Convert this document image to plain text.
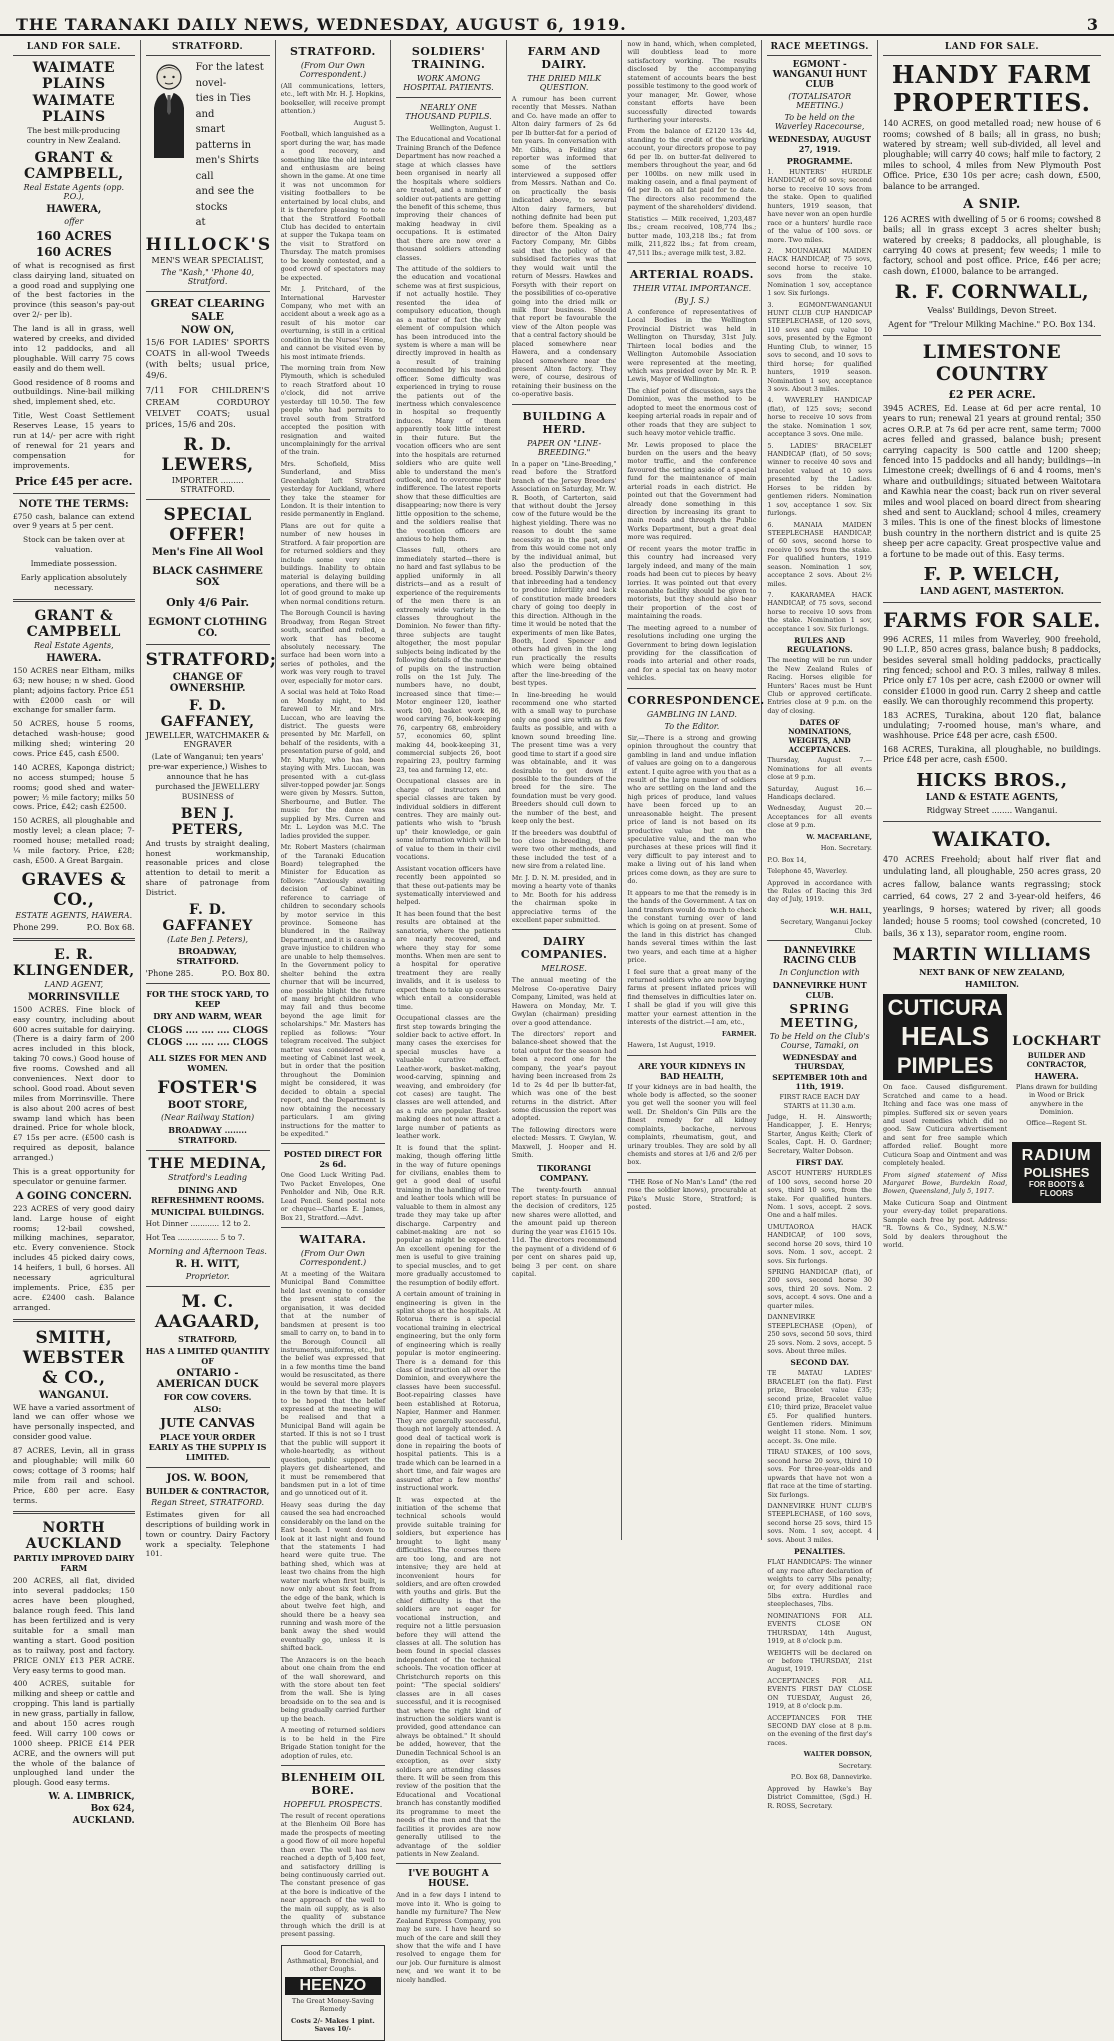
THE TARANAKI DAILY NEWS, WEDNESDAY, AUGUST 6, 1919.	3
LAND FOR SALE.
WAIMATE PLAINS
WAIMATE PLAINS
The best milk-producing country in New Zealand.
GRANT & CAMPBELL,
Real Estate Agents (opp. P.O.),
HAWERA,
offer
160 ACRES
160 ACRES
of what is recognised as first class dairying land, situated on a good road and supplying one of the best factories in the province (this season's pay-out over 2/- per lb).
The land is all in grass, well watered by creeks, and divided into 12 paddocks, and all ploughable. Will carry 75 cows easily and do them well.
Good residence of 8 rooms and outbuildings. Nine-bail milking shed, implement shed, etc.
Title, West Coast Settlement Reserves Lease, 15 years to run at 14/- per acre with right of renewal for 21 years and compensation for improvements.
Price £45 per acre.
NOTE THE TERMS:
£750 cash, balance can extend over 9 years at 5 per cent.
Stock can be taken over at valuation.
Immediate possession.
Early application absolutely necessary.
GRANT & CAMPBELL
Real Estate Agents,
HAWERA.
150 ACRES near Eltham, milks 63; new house; n w shed. Good plant; adjoins factory. Price £51 with £2000 cash or will exchange for smaller farm.
50 ACRES, house 5 rooms, detached wash-house; good milking shed; wintering 20 cows. Price £45, cash £500.
140 ACRES, Kaponga district; no access stumped; house 5 rooms; good shed and water-power; ½ mile factory; milks 50 cows. Price, £42; cash £2500.
150 ACRES, all ploughable and mostly level; a clean place; 7-roomed house; metalled road; ¼ mile factory. Price, £28; cash, £500. A Great Bargain.
GRAVES & CO.,
ESTATE AGENTS, HAWERA.
Phone 299.	P.O. Box 68.
E. R. KLINGENDER,
LAND AGENT,
MORRINSVILLE
1500 ACRES. Fine block of easy country, including about 600 acres suitable for dairying. (There is a dairy farm of 200 acres included in this block, taking 70 cows.) Good house of five rooms. Cowshed and all conveniences. Next door to school. Good road. About seven miles from Morrinsville. There is also about 200 acres of best swamp land which has been drained. Price for whole block, £7 15s per acre. (£500 cash is required as deposit, balance arranged.)
This is a great opportunity for speculator or genuine farmer.
A GOING CONCERN.
223 ACRES of very good dairy land. Large house of eight rooms; 12-bail cowshed, milking machines, separator, etc. Every convenience. Stock includes 45 picked dairy cows, 14 heifers, 1 bull, 6 horses. All necessary agricultural implements. Price, £35 per acre. £2400 cash. Balance arranged.
SMITH, WEBSTER & CO.,
WANGANUI.
WE have a varied assortment of land we can offer whose we have personally inspected, and consider good value.
87 ACRES, Levin, all in grass and ploughable; will milk 60 cows; cottage of 3 rooms; half mile from rail and school. Price, £80 per acre. Easy terms.
NORTH AUCKLAND
PARTLY IMPROVED DAIRY FARM
200 ACRES, all flat, divided into several paddocks; 150 acres have been ploughed, balance rough feed. This land has been fertilized and is very suitable for a small man wanting a start. Good position as to railway, post and factory. PRICE ONLY £13 PER ACRE. Very easy terms to good man.
400 ACRES, suitable for milking and sheep or cattle and cropping. This land is partially in new grass, partially in fallow, and about 150 acres rough feed. Will carry 100 cows or 1000 sheep. PRICE £14 PER ACRE, and the owners will put the whole of the balance of unploughed land under the plough. Good easy terms.
W. A. LIMBRICK,
Box 624,
AUCKLAND.
STRATFORD.
For the latest novel-
ties in Ties and
smart patterns in
men's Shirts call
and see the stocks
at
HILLOCK'S
MEN'S WEAR SPECIALIST,
The "Kash," 'Phone 40, Stratford.
GREAT CLEARING SALE
NOW ON,
15/6 FOR LADIES' SPORTS COATS in all-wool Tweeds (with belts; usual price, 49/6.
7/11 FOR CHILDREN'S CREAM CORDUROY VELVET COATS; usual prices, 15/6 and 20s.
R. D. LEWERS,
IMPORTER ......... STRATFORD.
SPECIAL OFFER!
Men's Fine All Wool
BLACK CASHMERE SOX
Only 4/6 Pair.
EGMONT CLOTHING CO.
STRATFORD;
CHANGE OF OWNERSHIP.
F. D. GAFFANEY,
JEWELLER, WATCHMAKER & ENGRAVER
(Late of Wanganui; ten years' pre-war experience,) Wishes to announce that he has purchased the JEWELLERY BUSINESS of
BEN J. PETERS,
And trusts by straight dealing, honest workmanship, reasonable prices and close attention to detail to merit a share of patronage from District.
F. D. GAFFANEY
(Late Ben J. Peters),
BROADWAY, STRATFORD.
'Phone 285.	P.O. Box 80.
FOR THE STOCK YARD, TO KEEP
DRY AND WARM, WEAR
CLOGS .... .... .... CLOGS
CLOGS .... .... .... CLOGS
ALL SIZES FOR MEN AND WOMEN.
FOSTER'S
BOOT STORE,
(Near Railway Station)
BROADWAY ........ STRATFORD.
THE MEDINA,
Stratford's Leading
DINING AND REFRESHMENT ROOMS.
MUNICIPAL BUILDINGS.
Hot Dinner ............ 12 to 2.
Hot Tea ................. 5 to 7.
Morning and Afternoon Teas.
R. H. WITT,
Proprietor.
M. C. AAGAARD,
STRATFORD,
HAS A LIMITED QUANTITY OF
ONTARIO - AMERICAN DUCK
FOR COW COVERS.
ALSO:
JUTE CANVAS
PLACE YOUR ORDER EARLY AS THE SUPPLY IS LIMITED.
JOS. W. BOON,
BUILDER & CONTRACTOR,
Regan Street, STRATFORD.
Estimates given for all descriptions of building work in town or country. Dairy Factory work a specialty. Telephone 101.
STRATFORD.
(From Our Own Correspondent.)
(All communications, letters, etc., left with Mr. H. J. Hopkins, bookseller, will receive prompt attention.)
August 5.
Football, which languished as a sport during the war, has made a good recovery, and something like the old interest and enthusiasm are being shown in the game. At one time it was not uncommon for visiting footballers to be entertained by local clubs, and it is therefore pleasing to note that the Stratford Football Club has decided to entertain at supper the Tukapa team on the visit to Stratford on Thursday. The match promises to be keenly contested, and a good crowd of spectators may be expected.
Mr. J. Pritchard, of the International Harvester Company, who met with an accident about a week ago as a result of his motor car overturning, is still in a critical condition in the Nurses' Home, and cannot be visited even by his most intimate friends.
The morning train from New Plymouth, which is scheduled to reach Stratford about 10 o'clock, did not arrive yesterday till 10.50. The few people who had permits to travel south from Stratford accepted the position with resignation and waited uncomplainingly for the arrival of the train.
Mrs. Schofield, Miss Sunderland, and Miss Greenhalgh left Stratford yesterday for Auckland, where they take the steamer for London. It is their intention to reside permanently in England.
Plans are out for quite a number of new houses in Stratford. A fair proportion are for returned soldiers and they include some very nice buildings. Inability to obtain material is delaying building operations, and there will be a lot of good ground to make up when normal conditions return.
The Borough Council is having Broadway, from Regan Street south, scarified and rolled, a work that has become absolutely necessary. The surface had been worn into a series of potholes, and the work was very rough to travel over, especially for motor cars.
A social was held at Toko Road on Monday night, to bid farewell to Mr. and Mrs. Luccan, who are leaving the district. The guests were presented by Mr. Marfell, on behalf of the residents, with a presentation purse of gold, and Mr. Murphy, who has been staying with Mrs. Luccan, was presented with a cut-glass silver-topped powder jar. Songs were given by Messrs. Sutton, Sherbourne, and Butler. The music for the dance was supplied by Mrs. Curren and Mr. L. Leydon was M.C. The ladies provided the supper.
Mr. Robert Masters (chairman of the Taranaki Education Board) telegraphed the Minister for Education as follows: "Anxiously awaiting decision of Cabinet in reference to carriage of children to secondary schools by motor service in this province. Someone has blundered in the Railway Department, and it is causing a grave injustice to children who are unable to help themselves. In the Government policy to shelter behind the extra churner that will be incurred, one possible blight the future of many bright children who may fail and thus become beyond the age limit for scholarships." Mr. Masters has replied as follows: "Your telegram received. The subject matter was considered at a meeting of Cabinet last week, but in order that the position throughout the Dominion might be considered, it was decided to obtain a special report, and the Department is now obtaining the necessary particulars. I am giving instructions for the matter to be expedited."
POSTED DIRECT FOR 2s 6d.
One Good Luck Writing Pad. Two Packet Envelopes, One Penholder and Nib, One R.R. Lead Pencil. Send postal note or cheque—Charles E. James, Box 21, Stratford.—Advt.
WAITARA.
(From Our Own Correspondent.)
At a meeting of the Waitara Municipal Band Committee held last evening to consider the present state of the organisation, it was decided that at the number of bandsmen at present is too small to carry on, to band in to the Borough Council all instruments, uniforms, etc., but the belief was expressed that in a few months time the band would be resuscitated, as there would be several more players in the town by that time. It is to be hoped that the belief expressed at the meeting will be realised and that a Municipal Band will again be started. If this is not so I trust that the public will support it whole-heartedly, as without question, public support the players get disheartened, and it must be remembered that bandsmen put in a lot of time and go unnoticed out of it.
Heavy seas during the day caused the sea had encroached considerably on the land on the East beach. I went down to look at it last night and found that the statements I had heard were quite true. The bathing shed, which was at least two chains from the high water mark when first built, is now only about six feet from the edge of the bank, which is about twelve feet high, and should there be a heavy sea running and wash more of the bank away the shed would eventually go, unless it is shifted back.
The Anzacers is on the beach about one chain from the end of the wall shoreward, and with the store about ten feet from the wall. She is lying broadside on to the sea and is being gradually carried further up the beach.
A meeting of returned soldiers is to be held in the Fire Brigade Station tonight for the adoption of rules, etc.
BLENHEIM OIL BORE.
HOPEFUL PROSPECTS.
The result of recent operations at the Blenheim Oil Bore has made the prospects of meeting a good flow of oil more hopeful than ever. The well has now reached a depth of 5,400 feet, and satisfactory drilling is being continuously carried out. The constant presence of gas at the bore is indicative of the near approach of the well to the main oil supply, as is also the quality of substance through which the drill is at present passing.
Good for Catarrh, Asthmatical, Bronchial, and other Coughs.
HEENZO
The Great Money-Saving Remedy
Costs 2/- Makes 1 pint. Saves 10/-
SOLDIERS' TRAINING.
WORK AMONG HOSPITAL PATIENTS.
NEARLY ONE THOUSAND PUPILS.
Wellington, August 1.
The Educational and Vocational Training Branch of the Defence Department has now reached a stage at which classes have been organised in nearly all the hospitals where soldiers are treated, and a number of soldier out-patients are getting the benefit of this scheme, thus improving their chances of making headway in civil occupations. It is estimated that there are now over a thousand soldiers attending classes.
The attitude of the soldiers to the education and vocational scheme was at first suspicious, if not actually hostile. They resented the idea of compulsory education, though as a matter of fact the only element of compulsion which has been introduced into the system is where a man will be directly improved in health as a result of training recommended by his medical officer. Some difficulty was experienced in trying to rouse the patients out of the inertness which convalescence in hospital so frequently induces. Many of them apparently took little interest in their future. But the vocation officers who are sent into the hospitals are returned soldiers who are quite well able to understand the men's outlook, and to overcome their indifference. The latest reports show that these difficulties are disappearing; now there is very little opposition to the scheme, and the soldiers realise that the vocation officers are anxious to help them.
Classes full, others are immediately started—there is no hard and fast syllabus to be applied uniformly in all districts—and as a result of experience of the requirements of the men there is an extremely wide variety in the classes throughout the Dominion. No fewer than fifty-three subjects are taught altogether, the most popular subjects being indicated by the following details of the number of pupils on the instruction rolls on the 1st July. The numbers have, no doubt, increased since that time:—Motor engineer 120, leather work 100, basket work 86, wood carving 76, book-keeping 76, carpentry 68, embroidery 57, economics 60, splint making 44, book-keeping 31, commercial subjects 26, boot repairing 23, poultry farming 23, tea and farming 12, etc.
Occupational classes are in charge of instructors and special classes are taken by individual soldiers in different centres. They are mainly out-patients who wish to "brush up" their knowledge, or gain some information which will be of value to them in their civil vocations.
Assistant vocation officers have recently been appointed so that these out-patients may be systematically interviewed and helped.
It has been found that the best results are obtained at the sanatoria, where the patients are nearly recovered, and where they stay for some months. When men are sent to a hospital for operative treatment they are really invalids, and it is useless to expect them to take up courses which entail a considerable time.
Occupational classes are the first step towards bringing the soldier back to active effort. In many cases the exercises for special muscles have a valuable curative effect. Leather-work, basket-making, wood-carving, spinning and weaving, and embroidery (for cot cases) are taught. The classes are well attended, and as a rule are popular. Basket-making does not now attract a large number of patients as leather work.
It is found that the splint-making, though offering little in the way of future openings for civilians, enables them to get a good deal of useful training in the handling of tree and leather tools which will be valuable to them in almost any trade they may take up after discharge. Carpentry and cabinet-making are not so popular as might be expected. An excellent opening for the men is useful to give training to special muscles, and to get more gradually accustomed to the resumption of bodily effort.
A certain amount of training in engineering is given in the splint shops at the hospitals. At Rotorua there is a special vocational training in electrical engineering, but the only form of engineering which is really popular is motor engineering. There is a demand for this class of instruction all over the Dominion, and everywhere the classes have been successful. Boot-repairing classes have been established at Rotorua, Napier, Hanmer and Hanmer. They are generally successful, though not largely attended. A good deal of tactical work is done in repairing the boots of hospital patients. This is a trade which can be learned in a short time, and fair wages are assured after a few months' instructional work.
It was expected at the initiation of the scheme that technical schools would provide suitable training for soldiers, but experience has brought to light many difficulties. The courses there are too long, and are not intensive; they are held at inconvenient hours for soldiers, and are often crowded with youths and girls. But the chief difficulty is that the soldiers are not eager for vocational instruction, and require not a little persuasion before they will attend the classes at all. The solution has been found in special classes independent of the technical schools. The vocation officer at Christchurch reports on this point: "The special soldiers' classes are in all cases successful, and it is recognised that where the right kind of instruction the soldiers want is provided, good attendance can always be obtained." It should be added, however, that the Dunedin Technical School is an exception, as over sixty soldiers are attending classes there. It will be seen from this review of the position that the Educational and Vocational branch has constantly modified its programme to meet the needs of the men and that the facilities it provides are now generally utilised to the advantage of the soldier patients in New Zealand.
I'VE BOUGHT A HOUSE.
And in a few days I intend to move into it. Who is going to handle my furniture? The New Zealand Express Company, you may be sure. I have heard so much of the care and skill they show that the wife and I have resolved to engage them for our job. Our furniture is almost new, and we want it to be nicely handled.
FARM AND DAIRY.
THE DRIED MILK QUESTION.
A rumour has been current recently that Messrs. Nathan and Co. have made an offer to Alton dairy farmers of 2s 6d per lb butter-fat for a period of ten years. In conversation with Mr. Gibbs, a Feilding star reporter was informed that some of the settlers interviewed a supposed offer from Messrs. Nathan and Co. on practically the basis indicated above, to several Alton dairy farmers, but nothing definite had been put before them. Speaking as a director of the Alton Dairy Factory Company, Mr. Gibbs said that the policy of the subsidised factories was that they would wait until the return of Messrs. Hawkes and Forsyth with their report on the possibilities of co-operative going into the dried milk or milk flour business. Should that report be favourable the view of the Alton people was that a central factory should be placed somewhere near Hawera, and a condensary placed somewhere near the present Alton factory. They were, of course, desirous of retaining their business on the co-operative basis.
BUILDING A HERD.
PAPER ON "LINE-BREEDING."
In a paper on "Line-Breeding," read before the Stratford branch of the Jersey Breeders' Association on Saturday, Mr. W. R. Booth, of Carterton, said that without doubt the Jersey cow of the future would be the highest yielding. There was no reason to doubt the same necessity as in the past, and from this would come not only by the individual animal, but also the production of the breed. Possibly Darwin's theory that inbreeding had a tendency to produce infertility and lack of constitution made breeders chary of going too deeply in this direction. Although in the time it would be noted that the experiments of men like Bates, Booth, Lord Spencer and others had given in the long run practically the results which were being obtained after the line-breeding of the best types.
In line-breeding he would recommend one who started with a small way to purchase only one good sire with as few faults as possible, and with a known sound breeding line. The present time was a very good time to start if a good sire was obtainable, and it was desirable to get down if possible to the founders of the breed for the sire. The foundation must be very good. Breeders should cull down to the number of the best, and keep only the best.
If the breeders was doubtful of too close in-breeding, there were two other methods, and these included the test of a new sire from a related line.
Mr. J. D. N. M. presided, and in moving a hearty vote of thanks to Mr. Booth for his address the chairman spoke in appreciative terms of the excellent paper submitted.
DAIRY COMPANIES.
MELROSE.
The annual meeting of the Melrose Co-operative Dairy Company, Limited, was held at Hawera on Monday, Mr. T. Gwylan (chairman) presiding over a good attendance.
The directors' report and balance-sheet showed that the total output for the season had been a record one for the company, the year's payout having been increased from 2s 1d to 2s 4d per lb butter-fat, which was one of the best returns in the district. After some discussion the report was adopted.
The following directors were elected: Messrs. T. Gwylan, W. Maxwell, J. Hooper and H. Smith.
TIKORANGI COMPANY.
The twenty-fourth annual report states: In pursuance of the decision of creditors, 125 new shares were allotted, and the amount paid up thereon during the year was £1615 10s. 11d. The directors recommend the payment of a dividend of 6 per cent on shares paid up, being 3 per cent. on share capital.
now in hand, which, when completed, will doubtless lead to more satisfactory working. The results disclosed by the accompanying statement of accounts bears the best possible testimony to the good work of your manager, Mr. Gower, whose constant efforts have been successfully directed towards furthering your interests.
From the balance of £2120 13s 4d, standing to the credit of the working account, your directors propose to pay 6d per lb. on butter-fat delivered to members throughout the year, and 6d per 100lbs. on new milk used in making casein, and a final payment of 6d per lb. on all fat paid for to date. The directors also recommend the payment of the shareholders' dividend.
Statistics — Milk received, 1,203,487 lbs.; cream received, 108,774 lbs.; butter made, 103,218 lbs.; fat from milk, 211,822 lbs.; fat from cream, 47,511 lbs.; average milk test, 3.82.
ARTERIAL ROADS.
THEIR VITAL IMPORTANCE.
(By J. S.)
A conference of representatives of Local Bodies in the Wellington Provincial District was held in Wellington on Thursday, 31st July. Thirteen local bodies and the Wellington Automobile Association were represented at the meeting, which was presided over by Mr. R. P. Lewis, Mayor of Wellington.
The chief point of discussion, says the Dominion, was the method to be adopted to meet the enormous cost of keeping arterial roads in repair and of other roads that they are subject to such heavy motor vehicle traffic.
Mr. Lewis proposed to place the burden on the users and the heavy motor traffic, and the conference favoured the setting aside of a special fund for the maintenance of main arterial roads in each district. He pointed out that the Government had already done something in this direction by increasing its grant to main roads and through the Public Works Department, but a great deal more was required.
Of recent years the motor traffic in this country had increased very largely indeed, and many of the main roads had been cut to pieces by heavy lorries. It was pointed out that every reasonable facility should be given to motorists, but they should also bear their proportion of the cost of maintaining the roads.
The meeting agreed to a number of resolutions including one urging the Government to bring down legislation providing for the classification of roads into arterial and other roads, and for a special tax on heavy motor vehicles.
CORRESPONDENCE.
GAMBLING IN LAND.
To the Editor.
Sir,—There is a strong and growing opinion throughout the country that gambling in land and undue inflation of values are going on to a dangerous extent. I quite agree with you that as a result of the large number of soldiers who are settling on the land and the high prices of produce, land values have been forced up to an unreasonable height. The present price of land is not based on its productive value but on the speculative value, and the man who purchases at these prices will find it very difficult to pay interest and to make a living out of his land when prices come down, as they are sure to do.
It appears to me that the remedy is in the hands of the Government. A tax on land transfers would do much to check the constant turning over of land which is going on at present. Some of the land in this district has changed hands several times within the last two years, and each time at a higher price.
I feel sure that a great many of the returned soldiers who are now buying farms at present inflated prices will find themselves in difficulties later on. I shall be glad if you will give this matter your earnest attention in the interests of the district.—I am, etc.,
FARMER.
Hawera, 1st August, 1919.
ARE YOUR KIDNEYS IN BAD HEALTH,
If your kidneys are in bad health, the whole body is affected, so the sooner you get well the sooner you will feel well. Dr. Sheldon's Gin Pills are the finest remedy for all kidney complaints, backache, nervous complaints, rheumatism, gout, and urinary troubles. They are sold by all chemists and stores at 1/6 and 2/6 per box.
"THE Rose of No Man's Land" (the red rose the soldier knows), procurable at Pike's Music Store, Stratford; is posted.
RACE MEETINGS.
EGMONT - WANGANUI HUNT CLUB
(TOTALISATOR MEETING.)
To be held on the Waverley Racecourse,
WEDNESDAY, AUGUST 27, 1919.
PROGRAMME.
1. HUNTERS' HURDLE HANDICAP, of 60 sovs; second horse to receive 10 sovs from the stake. Open to qualified hunters, 1919 season, that have never won an open hurdle race or a hunters' hurdle race of the value of 100 sovs. or more. Two miles.
2. MOUNAHAKI MAIDEN HACK HANDICAP, of 75 sovs, second horse to receive 10 sovs from the stake. Nomination 1 sov, acceptance 1 sov. Six furlongs.
3. EGMONT-WANGANUI HUNT CLUB CUP HANDICAP STEEPLECHASE, of 120 sovs, 110 sovs and cup value 10 sovs, presented by the Egmont Hunting Club, to winner, 15 sovs to second, and 10 sovs to third horse; for qualified hunters, 1919 season. Nomination 1 sov, acceptance 3 sovs. About 3 miles.
4. WAVERLEY HANDICAP (flat), of 125 sovs; second horse to receive 10 sovs from the stake. Nomination 1 sov, acceptance 3 sovs. One mile.
5. LADIES' BRACELET HANDICAP (flat), of 50 sovs; winner to receive 40 sovs and bracelet valued at 10 sovs presented by the Ladies. Horses to be ridden by gentlemen riders. Nomination 1 sov, acceptance 1 sov. Six furlongs.
6. MANAIA MAIDEN STEEPLECHASE HANDICAP, of 60 sovs, second horse to receive 10 sovs from the stake. For qualified hunters, 1919 season. Nomination 1 sov, acceptance 2 sovs. About 2½ miles.
7. KAKARAMEA HACK HANDICAP, of 75 sovs, second horse to receive 10 sovs from the stake. Nomination 1 sov, acceptance 1 sov. Six furlongs.
RULES AND REGULATIONS.
The meeting will be run under the New Zealand Rules of Racing. Horses eligible for Hunters' Races must be Hunt Club or approved certificate. Entries close at 9 p.m. on the day of closing.
DATES OF NOMINATIONS, WEIGHTS, AND ACCEPTANCES.
Thursday, August 7.—Nominations for all events close at 9 p.m.
Saturday, August 16.—Handicaps declared.
Wednesday, August 20.—Acceptances for all events close at 9 p.m.
W. MACFARLANE,
Hon. Secretary.
P.O. Box 14,
Telephone 45, Waverley.
Approved in accordance with the Rules of Racing this 3rd day of July, 1919.
W.H. HALL,
Secretary, Wanganui Jockey Club.
DANNEVIRKE RACING CLUB
In Conjunction with
DANNEVIRKE HUNT CLUB.
SPRING MEETING,
To be Held on the Club's Course, Tamaki, on
WEDNESDAY and THURSDAY,
SEPTEMBER 10th and 11th, 1919.
FIRST RACE EACH DAY STARTS at 11.30 a.m.
Judge, H. H. Ainsworth; Handicapper, J. E. Henrys; Starter, Angus Keith; Clerk of Scales, Capt. H. O. Gardner; Secretary, Walter Dobson.
FIRST DAY.
ASCOT HUNTERS' HURDLES of 100 sovs, second horse 20 sovs, third 10 sovs, from the stake. For qualified hunters. Nom. 1 sovs, accept. 2 sovs. One and a half miles.
UMUTAOROA HACK HANDICAP, of 100 sovs, second horse 20 sovs, third 10 sovs. Nom. 1 sov., accept. 2 sovs. Six furlongs.
SPRING HANDICAP (flat), of 200 sovs, second horse 30 sovs, third 20 sovs. Nom. 2 sovs, accept. 4 sovs. One and a quarter miles.
DANNEVIRKE STEEPLECHASE (Open), of 250 sovs, second 50 sovs, third 25 sovs. Nom. 2 sovs, accept. 5 sovs. About three miles.
SECOND DAY.
TE MATAU LADIES' BRACELET (on the flat). First prize, Bracelet value £35; second prize, Bracelet value £10; third prize, Bracelet value £5. For qualified hunters. Gentlemen riders. Minimum weight 11 stone. Nom. 1 sov, accept. 3s. One mile.
TIRAU STAKES, of 100 sovs, second horse 20 sovs, third 10 sovs. For three-year-olds and upwards that have not won a flat race at the time of starting. Six furlongs.
DANNEVIRKE HUNT CLUB'S STEEPLECHASE, of 160 sovs, second horse 25 sovs, third 15 sovs. Nom. 1 sov, accept. 4 sovs. About 3 miles.
PENALTIES.
FLAT HANDICAPS: The winner of any race after declaration of weights to carry 5lbs penalty; or, for every additional race 5lbs extra. Hurdles and steeplechases, 7lbs.
NOMINATIONS FOR ALL EVENTS CLOSE ON THURSDAY, 14th August, 1919, at 8 o'clock p.m.
WEIGHTS will be declared on or before THURSDAY, 21st August, 1919.
ACCEPTANCES FOR ALL EVENTS FIRST DAY CLOSE ON TUESDAY, August 26, 1919, at 8 o'clock p.m.
ACCEPTANCES FOR THE SECOND DAY close at 8 p.m. on the evening of the first day's races.
WALTER DOBSON,
Secretary.
P.O. Box 68, Dannevirke.
Approved by Hawke's Bay District Committee, (Sgd.) H. R. ROSS, Secretary.
LAND FOR SALE.
HANDY FARM PROPERTIES.
140 ACRES, on good metalled road; new house of 6 rooms; cowshed of 8 bails; all in grass, no bush; watered by stream; well sub-divided, all level and ploughable; will carry 40 cows; half mile to factory, 2 miles to school, 4 miles from New Plymouth Post Office. Price, £30 10s per acre; cash down, £500, balance to be arranged.
A SNIP.
126 ACRES with dwelling of 5 or 6 rooms; cowshed 8 bails; all in grass except 3 acres shelter bush; watered by creeks; 8 paddocks, all ploughable, is carrying 40 cows at present; few weeds; 1 mile to factory, school and post office. Price, £46 per acre; cash down, £1000, balance to be arranged.
R. F. CORNWALL,
Vealss' Buildings, Devon Street.
Agent for "Trelour Milking Machine." P.O. Box 134.
LIMESTONE COUNTRY
£2 PER ACRE.
3945 ACRES, Ed. Lease at 6d per acre rental, 10 years to run; renewal 21 years at ground rental; 350 acres O.R.P. at 7s 6d per acre rent, same term; 7000 acres felled and grassed, balance bush; present carrying capacity is 500 cattle and 1200 sheep; fenced into 15 paddocks and all handy; buildings—in Limestone creek; dwellings of 6 and 4 rooms, men's whare and outbuildings; situated between Waitotara and Kawhia near the coast; back run on river several miles and wool placed on board direct from shearing shed and sent to Auckland; school 4 miles, creamery 3 miles. This is one of the finest blocks of limestone bush country in the northern district and is quite 25 sheep per acre capacity. Great prospective value and a fortune to be made out of this. Easy terms.
F. P. WELCH,
LAND AGENT, MASTERTON.
FARMS FOR SALE.
996 ACRES, 11 miles from Waverley, 900 freehold, 90 L.I.P., 850 acres grass, balance bush; 8 paddocks, besides several small holding paddocks, practically ring fenced; school and P.O. 3 miles, railway 8 miles. Price only £7 10s per acre, cash £2000 or owner will consider £1000 in good run. Carry 2 sheep and cattle easily. We can thoroughly recommend this property.
183 ACRES, Turakina, about 120 flat, balance undulating; 7-roomed house, man's whare, and washhouse. Price £48 per acre, cash £500.
168 ACRES, Turakina, all ploughable, no buildings. Price £48 per acre, cash £500.
HICKS BROS.,
LAND & ESTATE AGENTS,
Ridgway Street ........ Wanganui.
WAIKATO.
470 ACRES Freehold; about half river flat and undulating land, all ploughable, 250 acres grass, 20 acres fallow, balance wants regrassing; stock carried, 64 cows, 27 2 and 3-year-old heifers, 46 yearlings, 9 horses; watered by river; all goods landed; house 5 rooms; tool cowshed (concreted, 10 bails, 36 x 13), separator room, engine room.
MARTIN WILLIAMS
NEXT BANK OF NEW ZEALAND,
HAMILTON.
CUTICURA
HEALS
PIMPLES
On face. Caused disfigurement. Scratched and came to a head. Itching and face was one mass of pimples. Suffered six or seven years and used remedies which did no good. Saw Cuticura advertisement and sent for free sample which afforded relief. Bought more Cuticura Soap and Ointment and was completely healed.
From signed statement of Miss Margaret Bowe, Burdekin Road, Bowen, Queensland, July 5, 1917.
Make Cuticura Soap and Ointment your every-day toilet preparations. Sample each free by post. Address: "R. Towns & Co., Sydney, N.S.W." Sold by dealers throughout the world.
LOCKHART
BUILDER AND CONTRACTOR,
HAWERA.
Plans drawn for building in Wood or Brick anywhere in the Dominion.
Office—Regent St.
RADIUM
POLISHES
FOR BOOTS & FLOORS
